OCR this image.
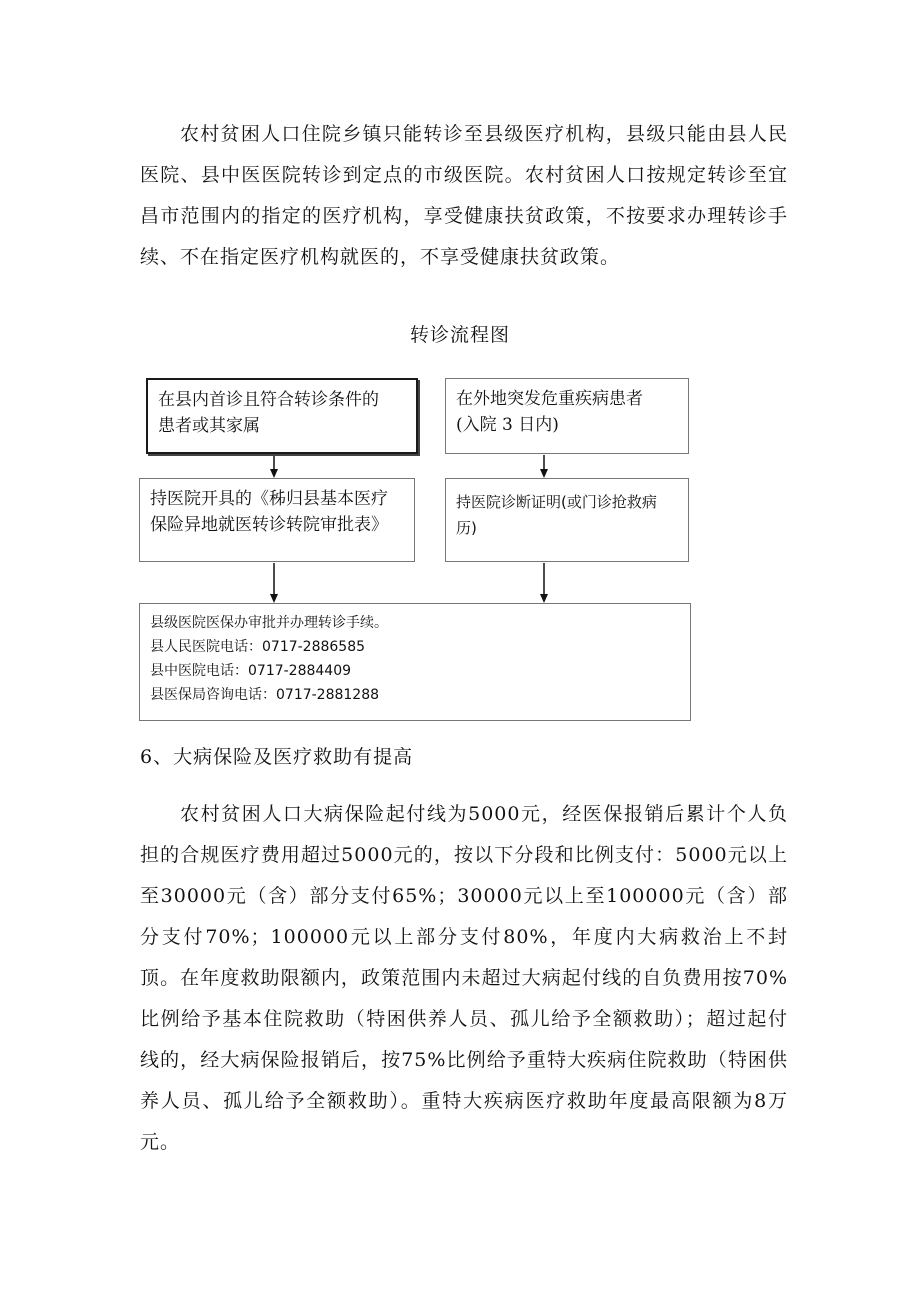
农村贫困人口住院乡镇只能转诊至县级医疗机构，县级只能由县人民医院、县中医医院转诊到定点的市级医院。农村贫困人口按规定转诊至宜昌市范围内的指定的医疗机构，享受健康扶贫政策，不按要求办理转诊手续、不在指定医疗机构就医的，不享受健康扶贫政策。

转诊流程图
在县内首诊且符合转诊条件的
患者或其家属
在外地突发危重疾病患者
(入院 3 日内)
持医院开具的《秭归县基本医疗
保险异地就医转诊转院审批表》
持医院诊断证明(或门诊抢救病
历)
县级医院医保办审批并办理转诊手续。
县人民医院电话：0717-2886585
县中医院电话：0717-2884409
县医保局咨询电话：0717-2881288
6、大病保险及医疗救助有提高

农村贫困人口大病保险起付线为5000元，经医保报销后累计个人负担的合规医疗费用超过5000元的，按以下分段和比例支付：5000元以上至30000元（含）部分支付65%；30000元以上至100000元（含）部分支付70%；100000元以上部分支付80%，年度内大病救治上不封顶。在年度救助限额内，政策范围内未超过大病起付线的自负费用按70%比例给予基本住院救助（特困供养人员、孤儿给予全额救助）；超过起付线的，经大病保险报销后，按75%比例给予重特大疾病住院救助（特困供养人员、孤儿给予全额救助）。重特大疾病医疗救助年度最高限额为8万元。
